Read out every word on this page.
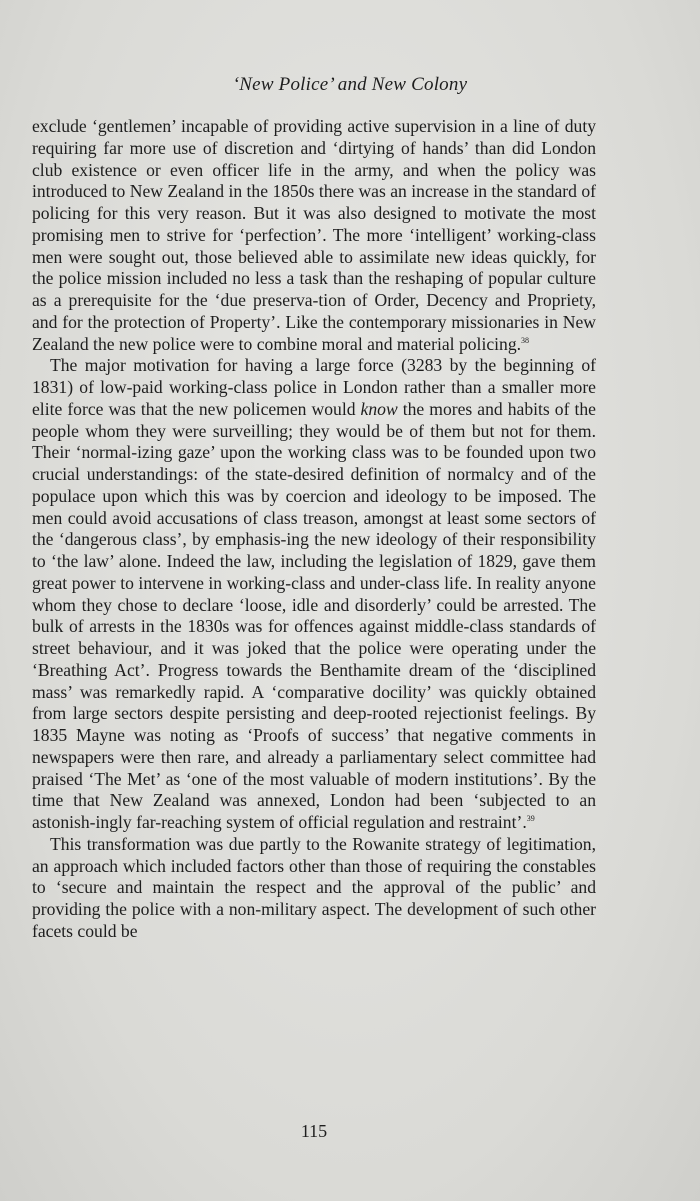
‘New Police’ and New Colony

exclude ‘gentlemen’ incapable of providing active supervision in a line of duty requiring far more use of discretion and ‘dirtying of hands’ than did London club existence or even officer life in the army, and when the policy was introduced to New Zealand in the 1850s there was an increase in the standard of policing for this very reason. But it was also designed to motivate the most promising men to strive for ‘perfection’. The more ‘intelligent’ working-class men were sought out, those believed able to assimilate new ideas quickly, for the police mission included no less a task than the reshaping of popular culture as a prerequisite for the ‘due preserva-tion of Order, Decency and Propriety, and for the protection of Property’. Like the contemporary missionaries in New Zealand the new police were to combine moral and material policing.$^{38}$

The major motivation for having a large force (3283 by the beginning of 1831) of low-paid working-class police in London rather than a smaller more elite force was that the new policemen would know the mores and habits of the people whom they were surveilling; they would be of them but not for them. Their ‘normal-izing gaze’ upon the working class was to be founded upon two crucial understandings: of the state-desired definition of normalcy and of the populace upon which this was by coercion and ideology to be imposed. The men could avoid accusations of class treason, amongst at least some sectors of the ‘dangerous class’, by emphasis-ing the new ideology of their responsibility to ‘the law’ alone. Indeed the law, including the legislation of 1829, gave them great power to intervene in working-class and under-class life. In reality anyone whom they chose to declare ‘loose, idle and disorderly’ could be arrested. The bulk of arrests in the 1830s was for offences against middle-class standards of street behaviour, and it was joked that the police were operating under the ‘Breathing Act’. Progress towards the Benthamite dream of the ‘disciplined mass’ was remarkedly rapid. A ‘comparative docility’ was quickly obtained from large sectors despite persisting and deep-rooted rejectionist feelings. By 1835 Mayne was noting as ‘Proofs of success’ that negative comments in newspapers were then rare, and already a parliamentary select committee had praised ‘The Met’ as ‘one of the most valuable of modern institutions’. By the time that New Zealand was annexed, London had been ‘subjected to an astonish-ingly far-reaching system of official regulation and restraint’.$^{39}$

This transformation was due partly to the Rowanite strategy of legitimation, an approach which included factors other than those of requiring the constables to ‘secure and maintain the respect and the approval of the public’ and providing the police with a non-military aspect. The development of such other facets could be

115
